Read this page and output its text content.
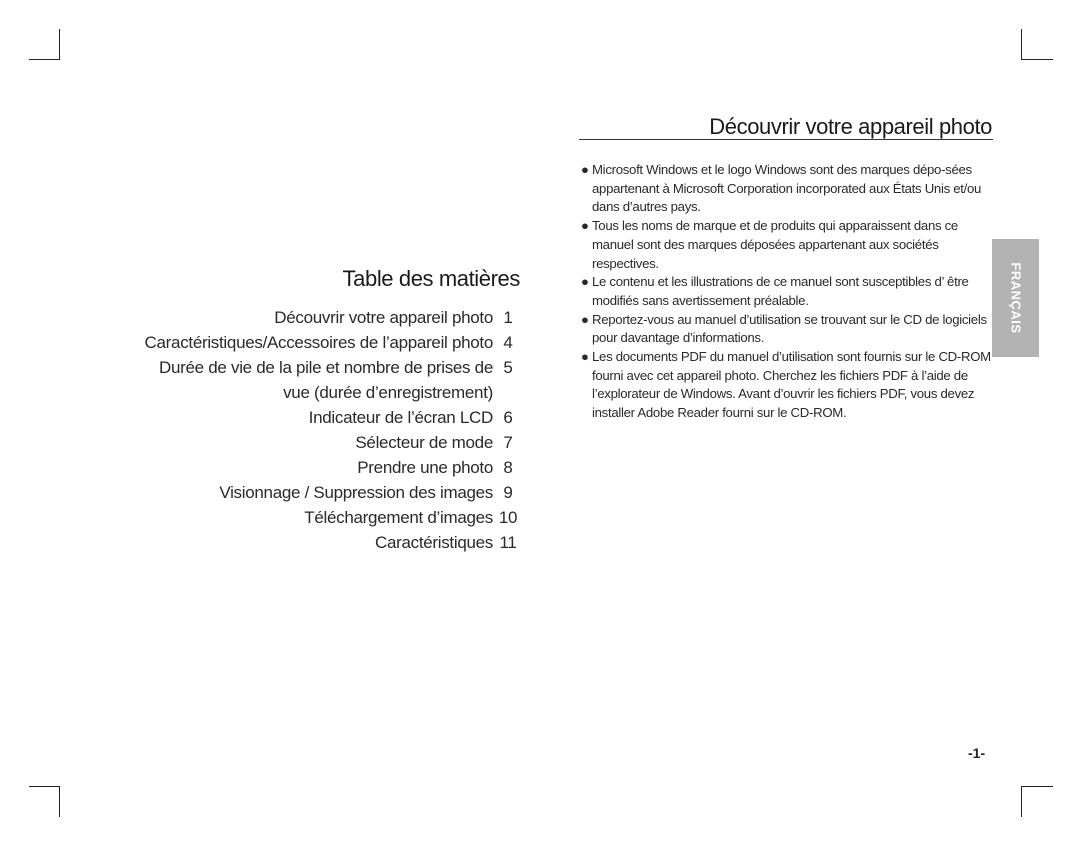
Table des matières
Découvrir votre appareil photo 1
Caractéristiques/Accessoires de l’appareil photo 4
Durée de vie de la pile et nombre de prises de 5
vue (durée d’enregistrement)
Indicateur de l’écran LCD 6
Sélecteur de mode 7
Prendre une photo 8
Visionnage / Suppression des images 9
Téléchargement d’images 10
Caractéristiques 11
Découvrir votre appareil photo
● Microsoft Windows et le logo Windows sont des marques dépo-sées appartenant à Microsoft Corporation incorporated aux États Unis et/ou dans d’autres pays.
● Tous les noms de marque et de produits qui apparaissent dans ce manuel sont des marques déposées appartenant aux sociétés respectives.
● Le contenu et les illustrations de ce manuel sont susceptibles d’ être modifiés sans avertissement préalable.
● Reportez-vous au manuel d’utilisation se trouvant sur le CD de logiciels pour davantage d’informations.
● Les documents PDF du manuel d’utilisation sont fournis sur le CD-ROM fourni avec cet appareil photo. Cherchez les fichiers PDF à l’aide de l’explorateur de Windows. Avant d’ouvrir les fichiers PDF, vous devez installer Adobe Reader fourni sur le CD-ROM.
FRANÇAIS
-1-
